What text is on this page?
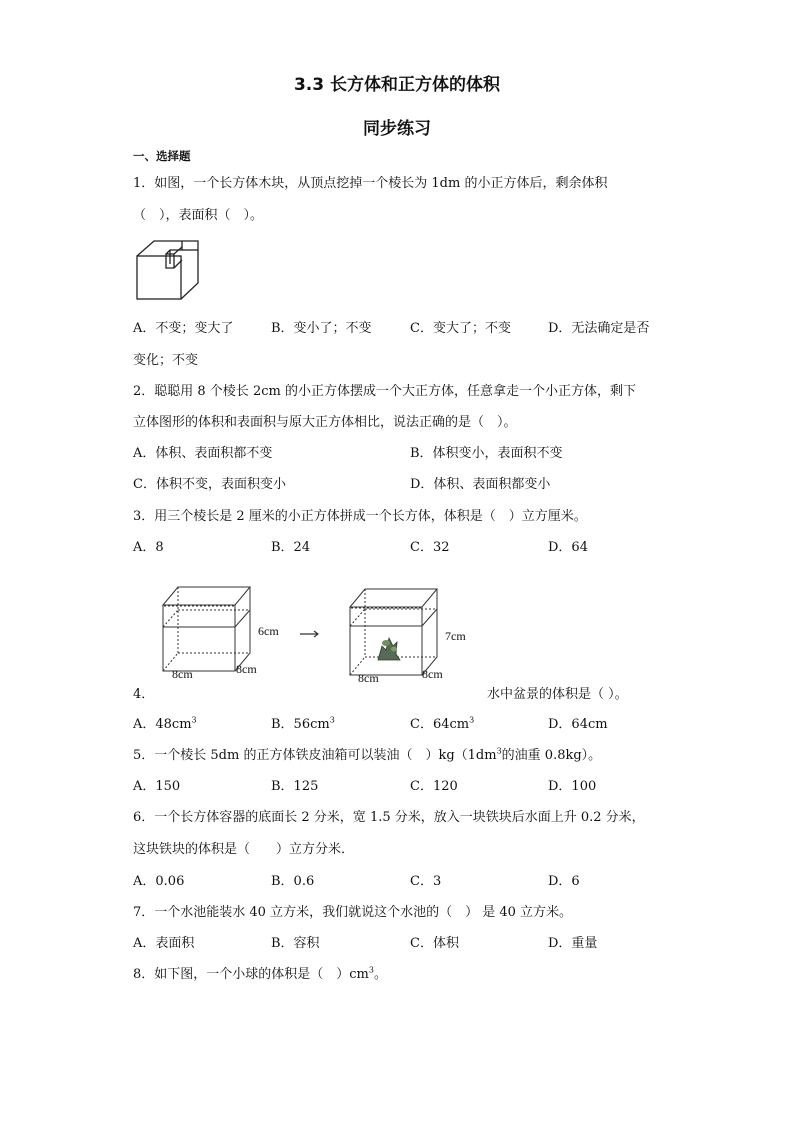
3.3 长方体和正方体的体积
同步练习
一、选择题
1．如图，一个长方体木块，从顶点挖掉一个棱长为 1dm 的小正方体后，剩余体积
（　），表面积（　）。
A．不变；变大了	B．变小了；不变	C．变大了；不变	D．无法确定是否
变化；不变
2．聪聪用 8 个棱长 2cm 的小正方体摆成一个大正方体，任意拿走一个小正方体，剩下
立体图形的体积和表面积与原大正方体相比，说法正确的是（　）。
A．体积、表面积都不变	B．体积变小，表面积不变
C．体积不变，表面积变小	D．体积、表面积都变小
3．用三个棱长是 2 厘米的小正方体拼成一个长方体，体积是（　）立方厘米。
A．8	B．24	C．32	D．64
6cm
8cm	8cm
7cm
8cm	8cm
4．	水中盆景的体积是（ ）。
A．$48cm^3$	B．$56cm^3$	C．$64cm^3$	D．64cm
5．一个棱长 5dm 的正方体铁皮油箱可以装油（　）$kg(1dm^3$的油重 0.8kg）。
A．150	B．125	C．120	D．100
6．一个长方体容器的底面长 2 分米，宽 1.5 分米，放入一块铁块后水面上升 0.2 分米，
这块铁块的体积是（　　）立方分米．
A．0.06	B．0.6	C．3	D．6
7．一个水池能装水 40 立方米，我们就说这个水池的（　） 是 40 立方米。
A．表面积	B．容积	C．体积	D．重量
8．如下图，一个小球的体积是（　）$cm^3$。
